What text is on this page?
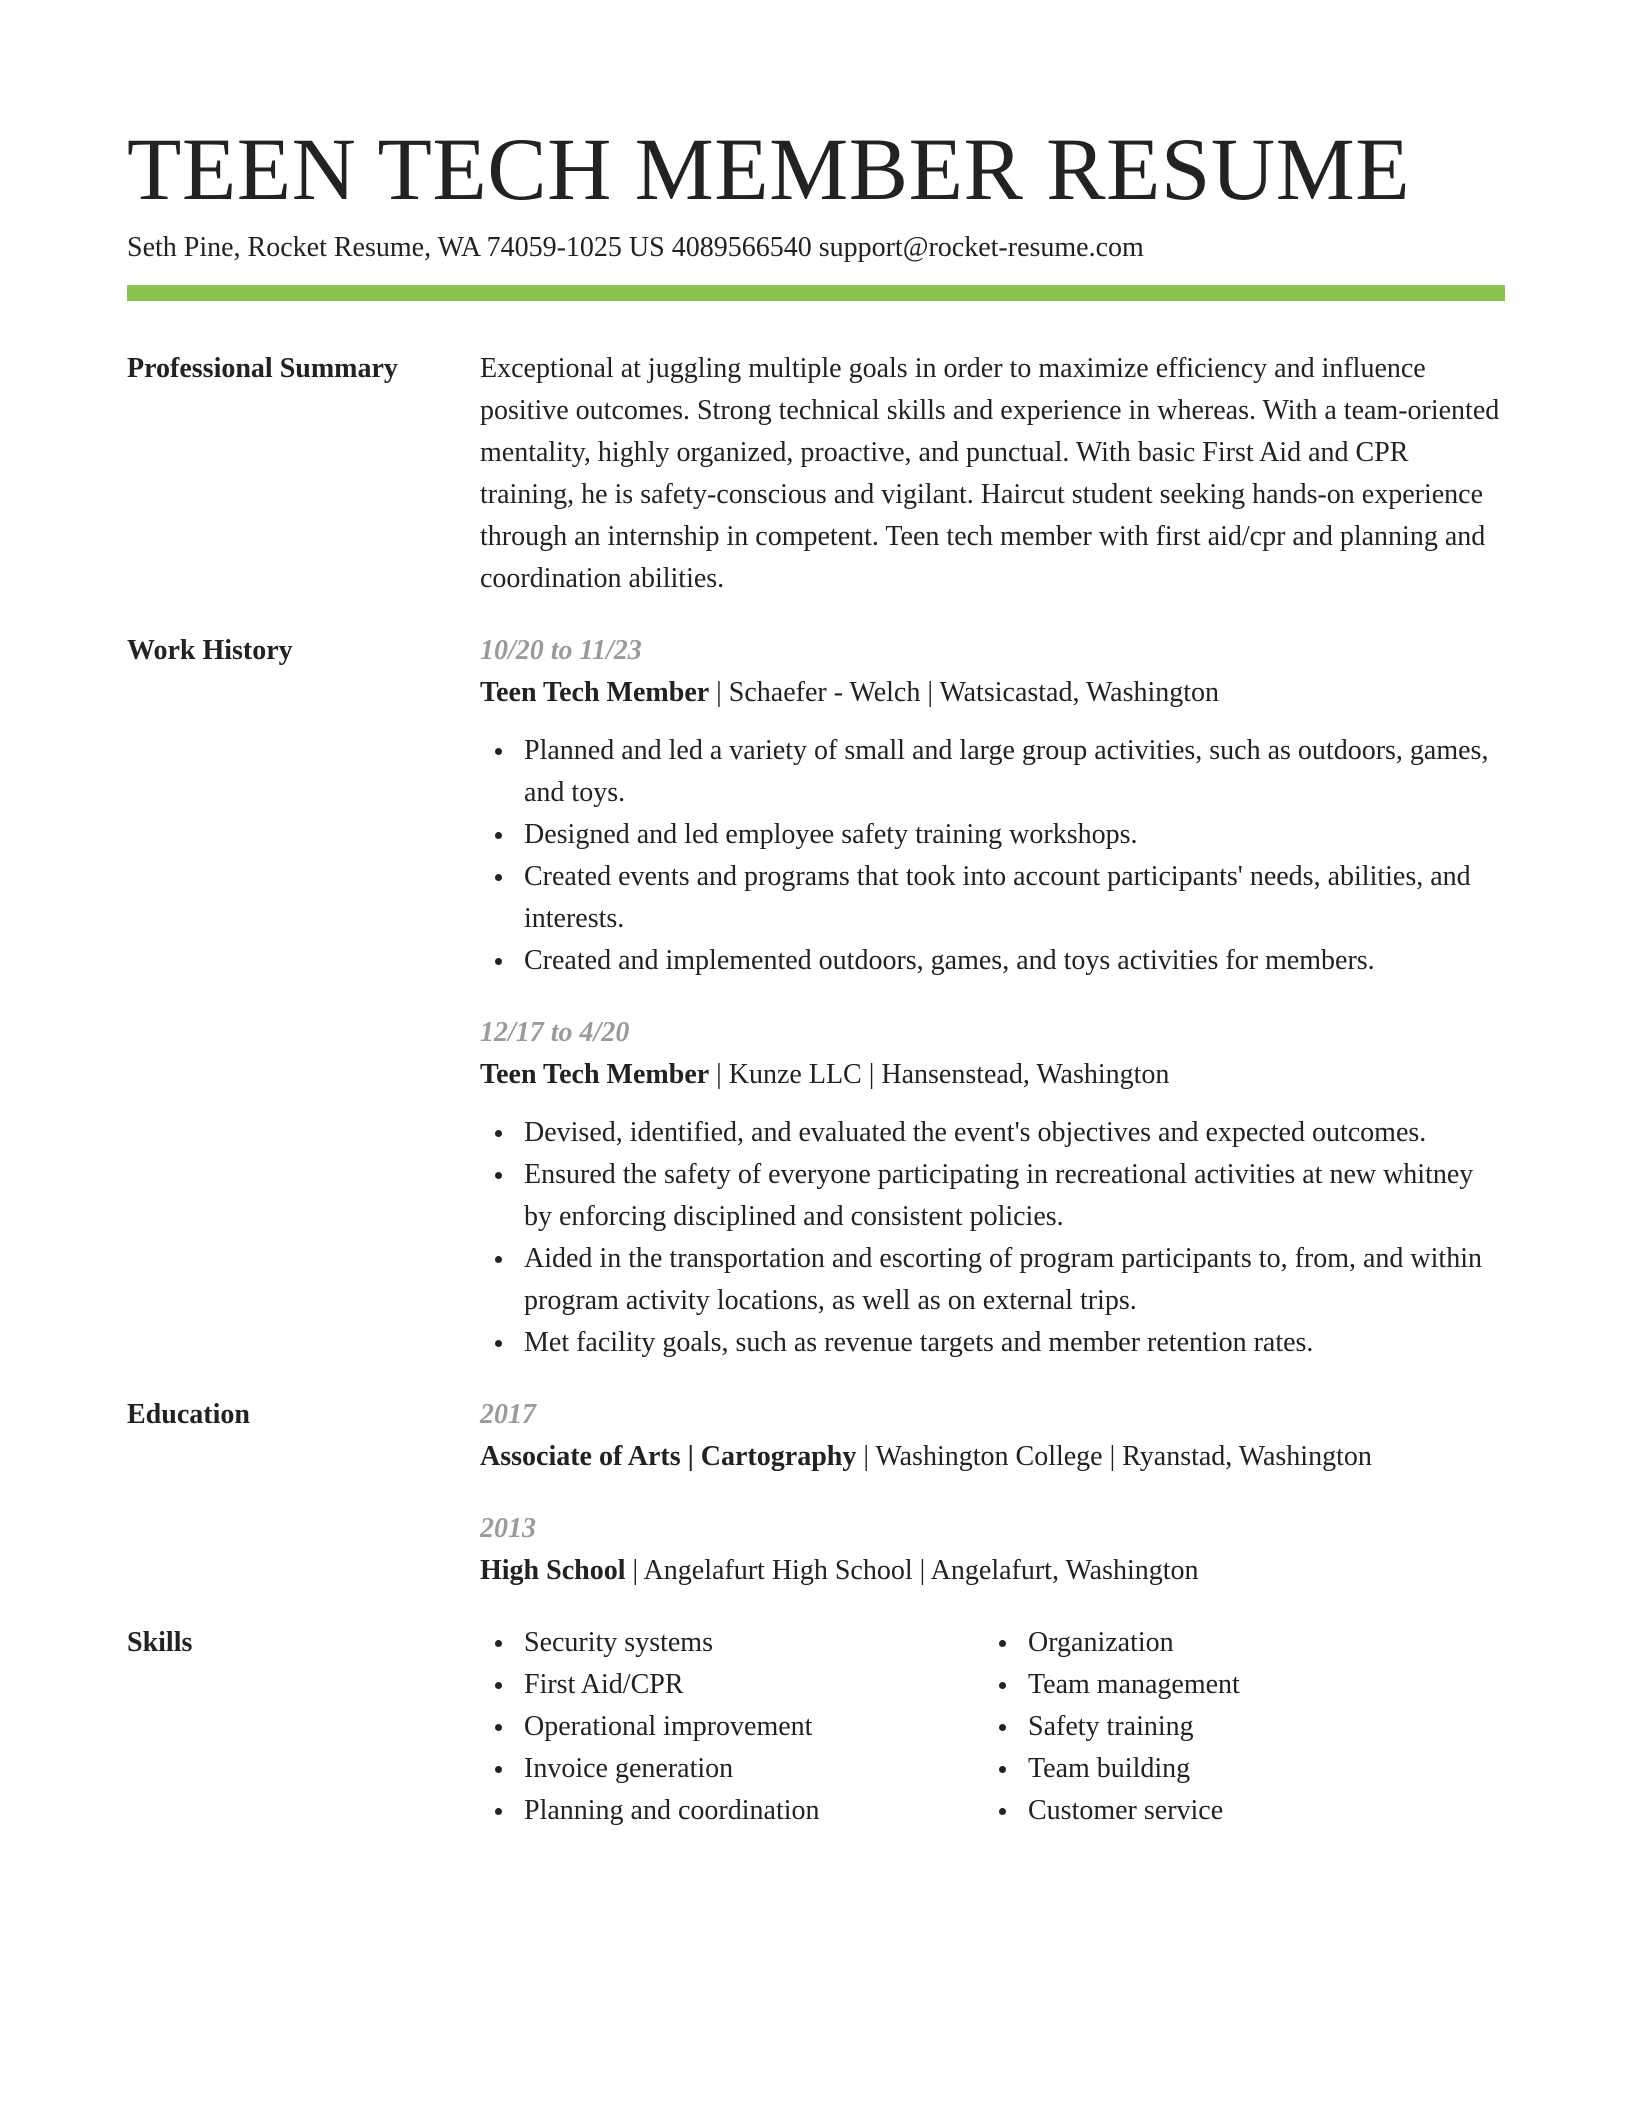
TEEN TECH MEMBER RESUME
Seth Pine, Rocket Resume, WA 74059-1025 US 4089566540 support@rocket-resume.com
Professional Summary	Exceptional at juggling multiple goals in order to maximize efficiency and influence positive outcomes. Strong technical skills and experience in whereas. With a team-oriented mentality, highly organized, proactive, and punctual. With basic First Aid and CPR training, he is safety-conscious and vigilant. Haircut student seeking hands-on experience through an internship in competent. Teen tech member with first aid/cpr and planning and coordination abilities.

Work History	10/20 to 11/23
Teen Tech Member | Schaefer - Welch | Watsicastad, Washington
Planned and led a variety of small and large group activities, such as outdoors, games, and toys.
Designed and led employee safety training workshops.
Created events and programs that took into account participants' needs, abilities, and interests.
Created and implemented outdoors, games, and toys activities for members.
12/17 to 4/20
Teen Tech Member | Kunze LLC | Hansenstead, Washington
Devised, identified, and evaluated the event's objectives and expected outcomes.
Ensured the safety of everyone participating in recreational activities at new whitney by enforcing disciplined and consistent policies.
Aided in the transportation and escorting of program participants to, from, and within program activity locations, as well as on external trips.
Met facility goals, such as revenue targets and member retention rates.
Education	2017
Associate of Arts | Cartography | Washington College | Ryanstad, Washington
2013
High School | Angelafurt High School | Angelafurt, Washington
Skills	Security systems
First Aid/CPR
Operational improvement
Invoice generation
Planning and coordination
Organization
Team management
Safety training
Team building
Customer service
